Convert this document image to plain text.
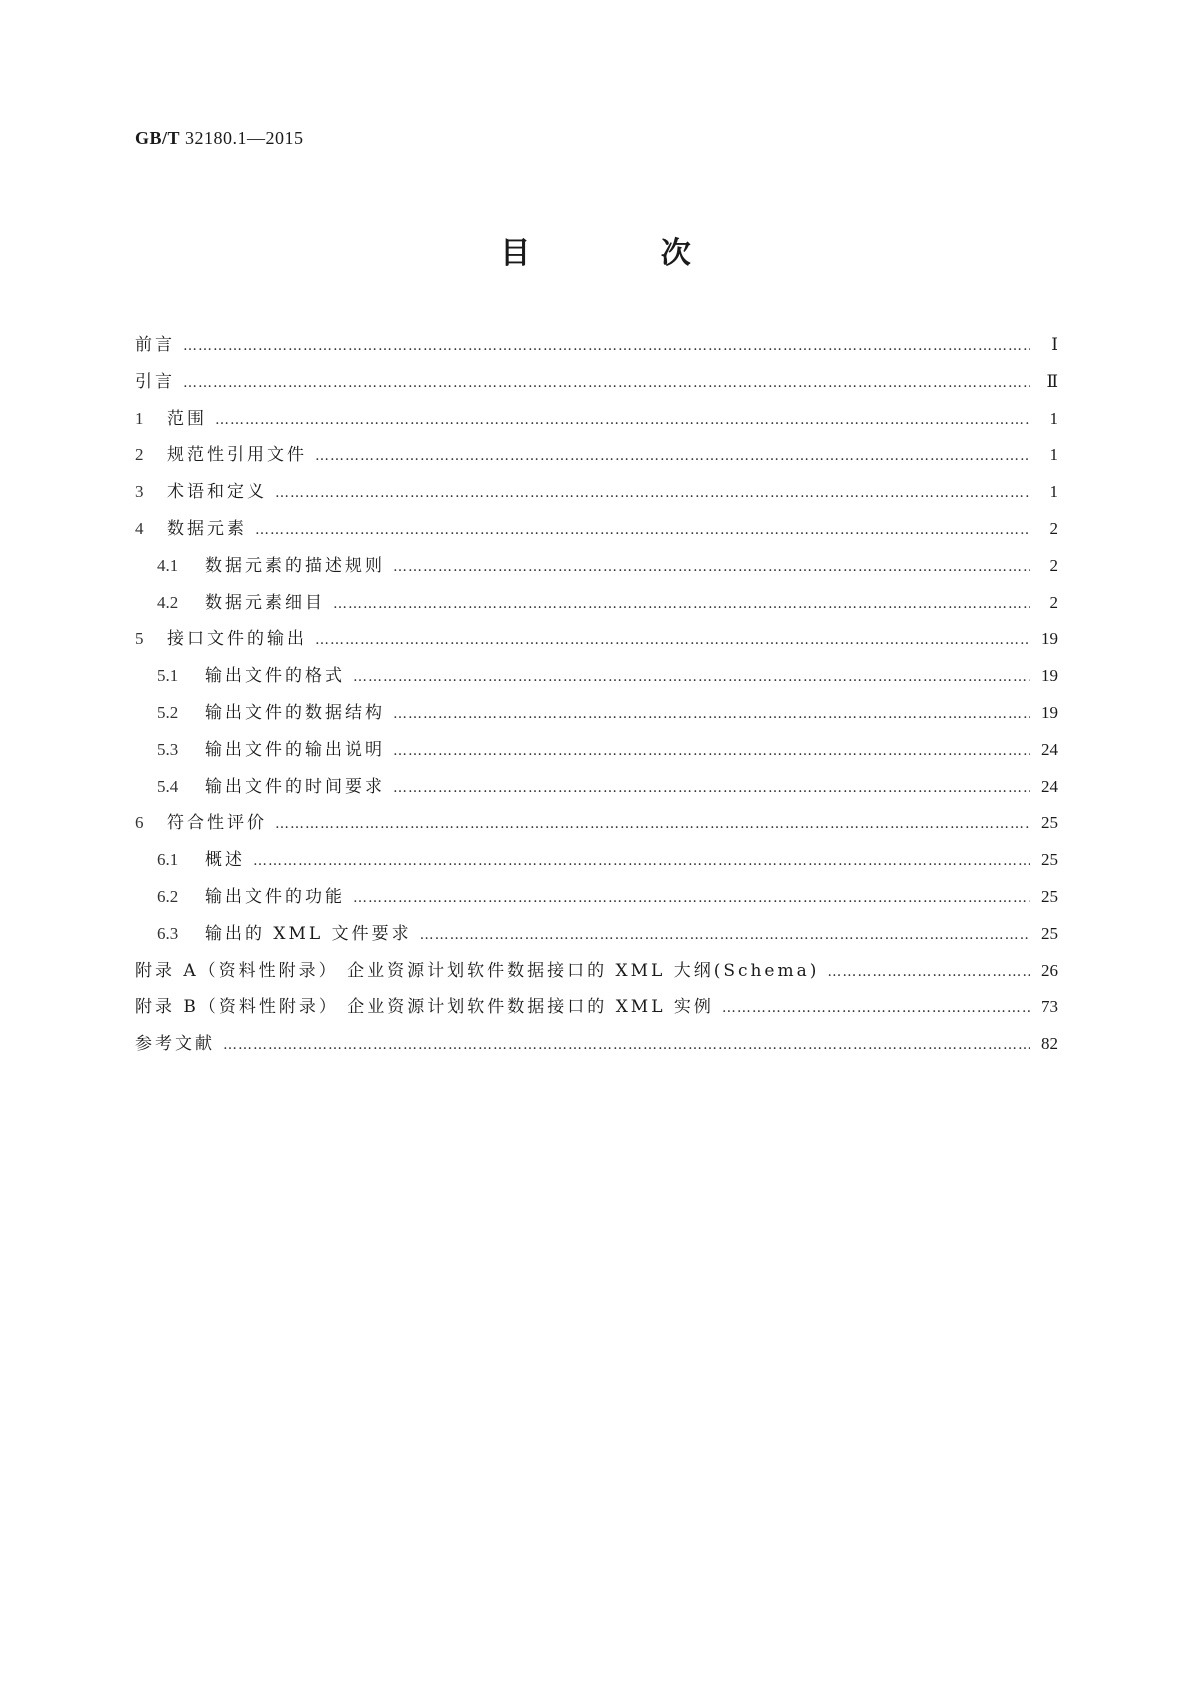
GB/T 32180.1—2015
目 次
前言 ……………………………………………………………………………………………………………………………………………………………………………………………………………………………………………………	Ⅰ
引言 ……………………………………………………………………………………………………………………………………………………………………………………………………………………………………………………	Ⅱ
1	范围 ……………………………………………………………………………………………………………………………………………………………………………………………………………………………………………………	1
2	规范性引用文件 ……………………………………………………………………………………………………………………………………………………………………………………………………………………………………………………	1
3	术语和定义 ……………………………………………………………………………………………………………………………………………………………………………………………………………………………………………………	1
4	数据元素 ……………………………………………………………………………………………………………………………………………………………………………………………………………………………………………………	2
4.1	数据元素的描述规则 ……………………………………………………………………………………………………………………………………………………………………………………………………………………………………………………	2
4.2	数据元素细目 ……………………………………………………………………………………………………………………………………………………………………………………………………………………………………………………	2
5	接口文件的输出 ……………………………………………………………………………………………………………………………………………………………………………………………………………………………………………………	19
5.1	输出文件的格式 ……………………………………………………………………………………………………………………………………………………………………………………………………………………………………………………	19
5.2	输出文件的数据结构 ……………………………………………………………………………………………………………………………………………………………………………………………………………………………………………………	19
5.3	输出文件的输出说明 ……………………………………………………………………………………………………………………………………………………………………………………………………………………………………………………	24
5.4	输出文件的时间要求 ……………………………………………………………………………………………………………………………………………………………………………………………………………………………………………………	24
6	符合性评价 ……………………………………………………………………………………………………………………………………………………………………………………………………………………………………………………	25
6.1	概述 ……………………………………………………………………………………………………………………………………………………………………………………………………………………………………………………	25
6.2	输出文件的功能 ……………………………………………………………………………………………………………………………………………………………………………………………………………………………………………………	25
6.3	输出的 XML 文件要求 ……………………………………………………………………………………………………………………………………………………………………………………………………………………………………………………	25
附录 A（资料性附录） 企业资源计划软件数据接口的 XML 大纲(Schema) ……………………………………………………………………………………………………………………………………………………………………………………………………………………………………………………	26
附录 B（资料性附录） 企业资源计划软件数据接口的 XML 实例 ……………………………………………………………………………………………………………………………………………………………………………………………………………………………………………………	73
参考文献 ……………………………………………………………………………………………………………………………………………………………………………………………………………………………………………………	82
